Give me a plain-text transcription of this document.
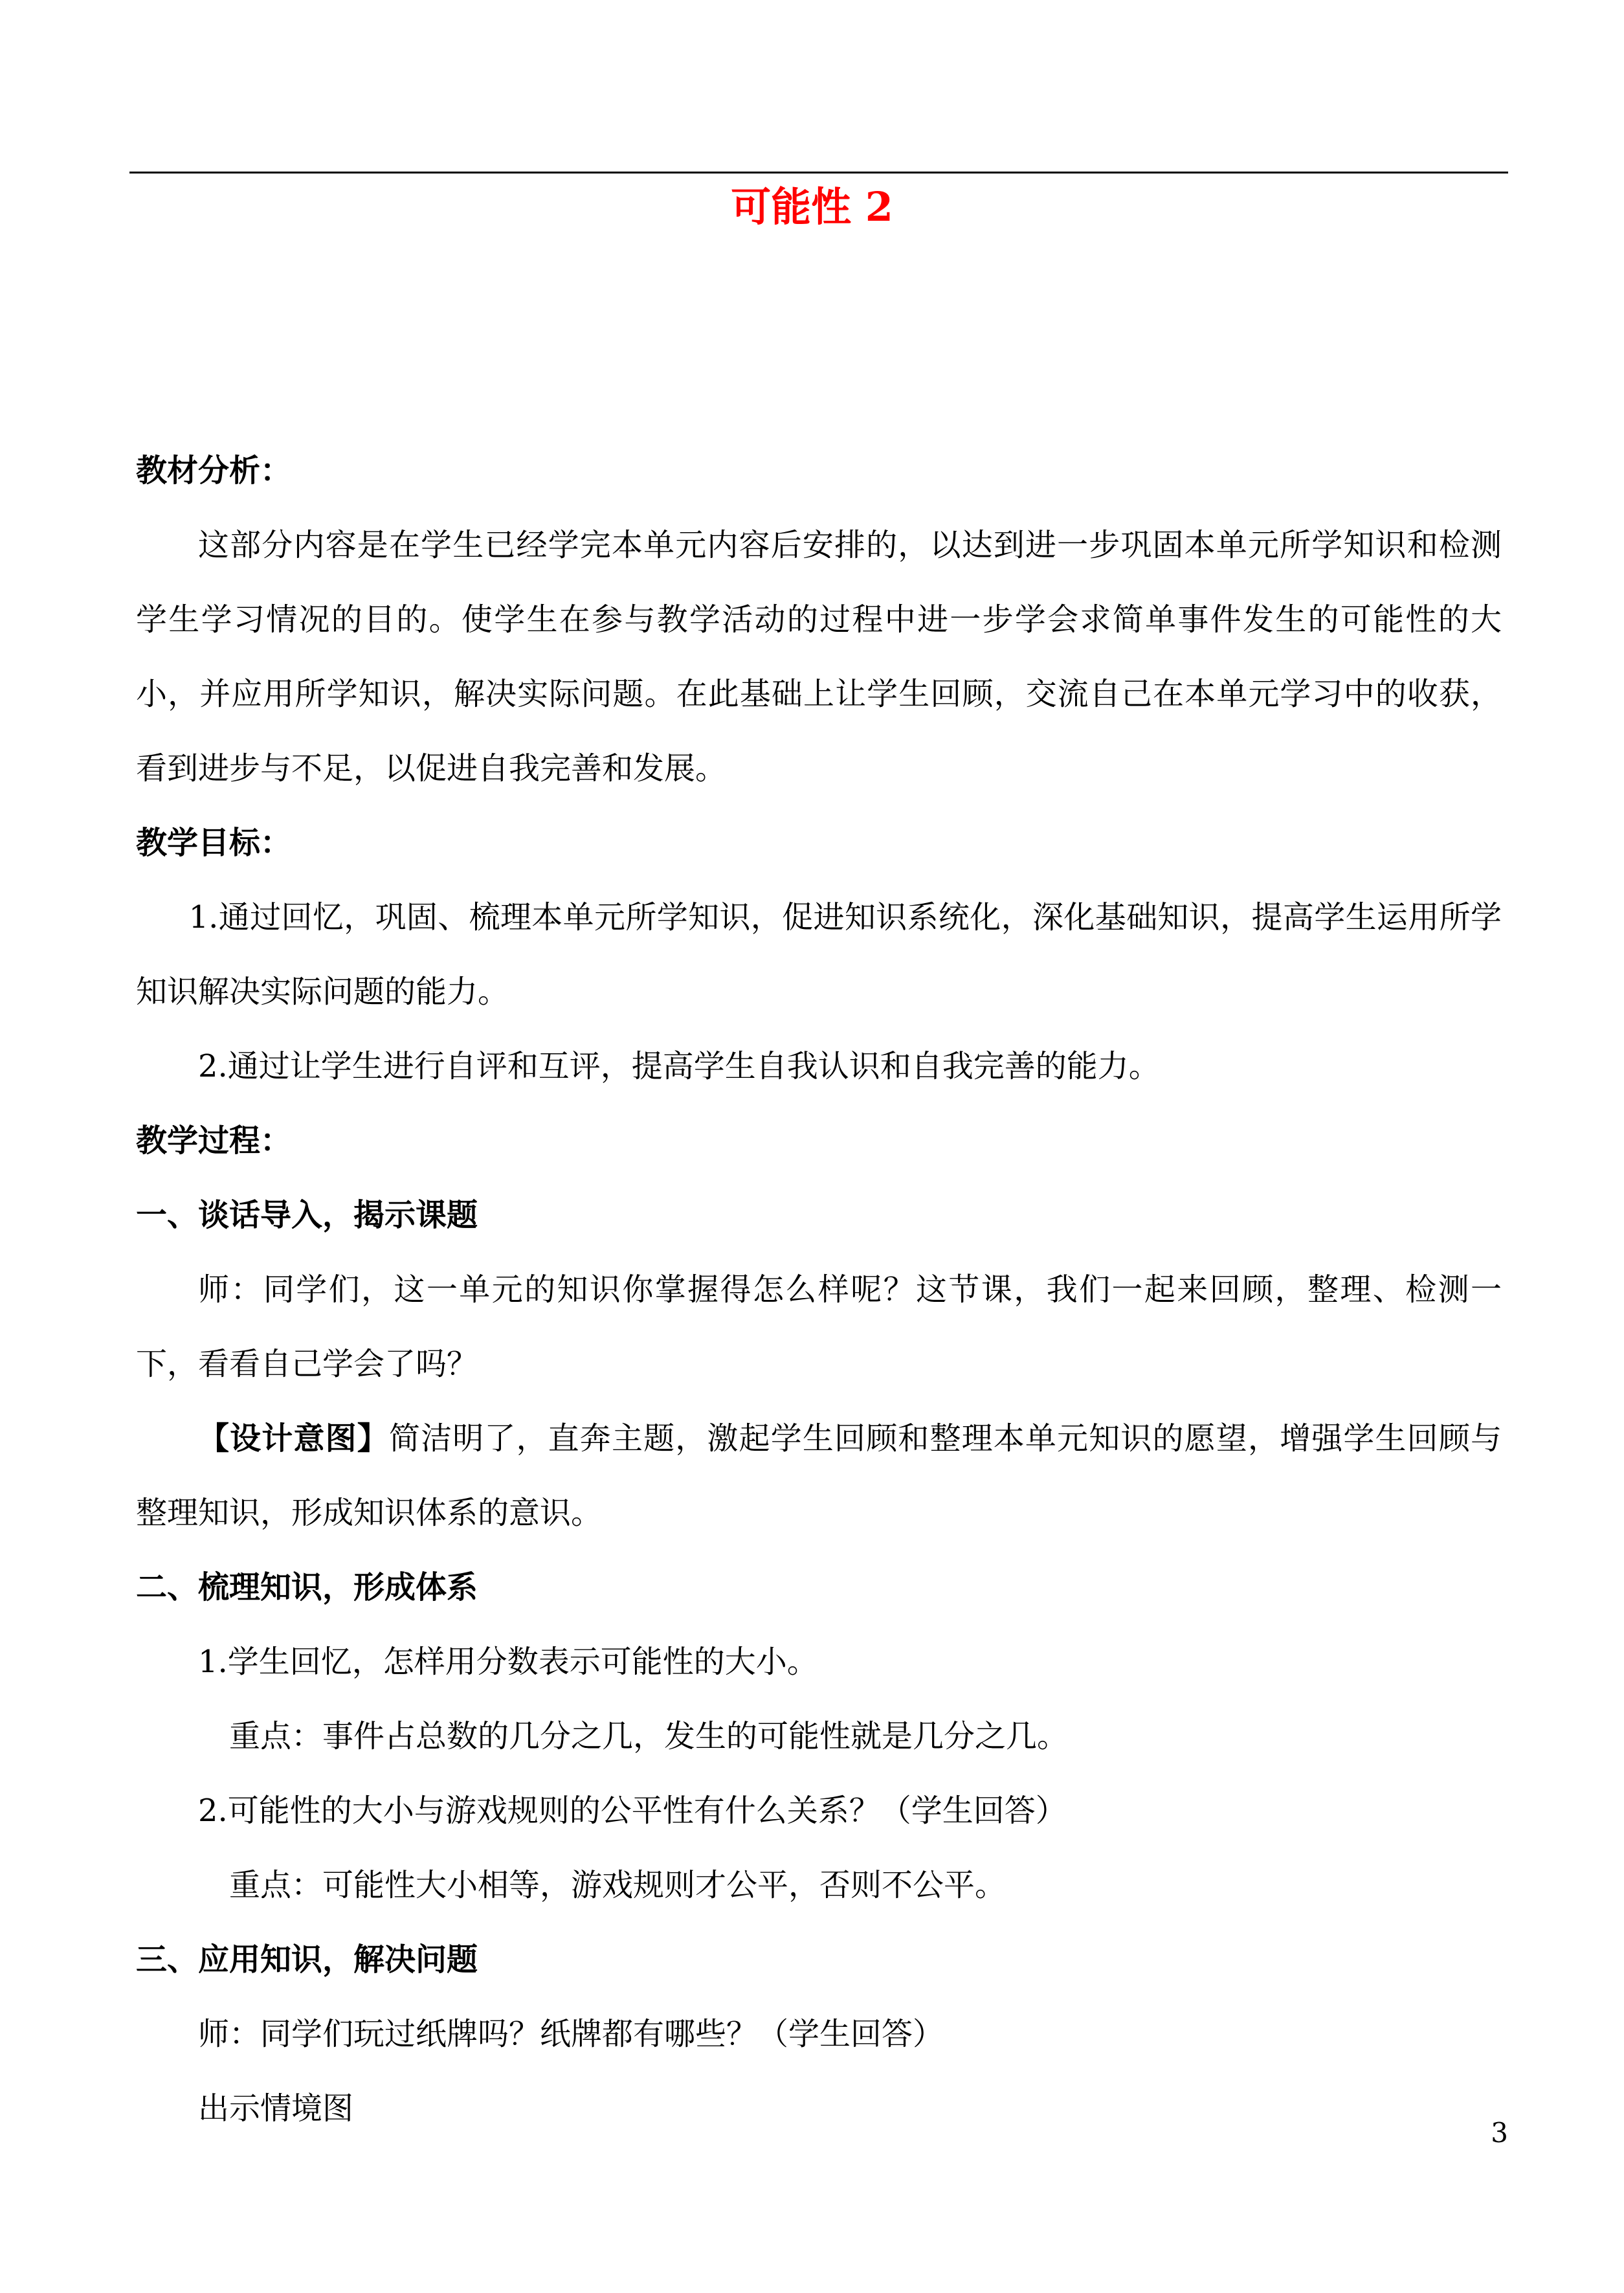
可能性 2

教材分析：

这部分内容是在学生已经学完本单元内容后安排的，以达到进一步巩固本单元所学知识和检测学生学习情况的目的。使学生在参与教学活动的过程中进一步学会求简单事件发生的可能性的大小，并应用所学知识，解决实际问题。在此基础上让学生回顾，交流自己在本单元学习中的收获，看到进步与不足，以促进自我完善和发展。

教学目标：

1.通过回忆，巩固、梳理本单元所学知识，促进知识系统化，深化基础知识，提高学生运用所学知识解决实际问题的能力。

2.通过让学生进行自评和互评，提高学生自我认识和自我完善的能力。

教学过程：

一、谈话导入，揭示课题

师：同学们，这一单元的知识你掌握得怎么样呢？这节课，我们一起来回顾，整理、检测一下，看看自己学会了吗？

【设计意图】简洁明了，直奔主题，激起学生回顾和整理本单元知识的愿望，增强学生回顾与整理知识，形成知识体系的意识。

二、梳理知识，形成体系

1.学生回忆，怎样用分数表示可能性的大小。

重点：事件占总数的几分之几，发生的可能性就是几分之几。

2.可能性的大小与游戏规则的公平性有什么关系？（学生回答）

重点：可能性大小相等，游戏规则才公平，否则不公平。

三、应用知识，解决问题

师：同学们玩过纸牌吗？纸牌都有哪些？（学生回答）

出示情境图

3
